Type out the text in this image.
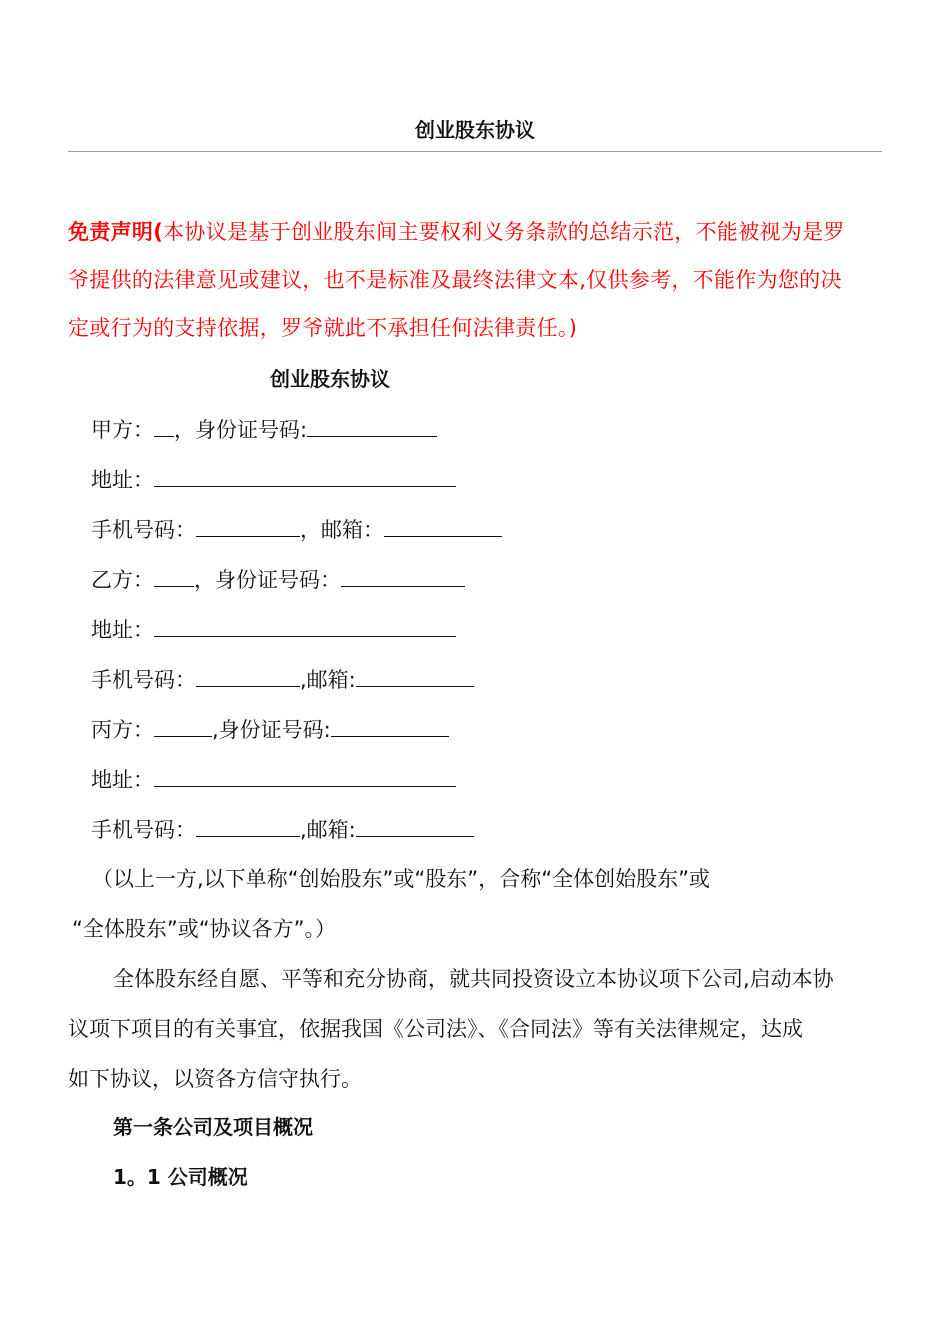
创业股东协议
免责声明(本协议是基于创业股东间主要权利义务条款的总结示范，不能被视为是罗
爷提供的法律意见或建议，也不是标准及最终法律文本,仅供参考，不能作为您的决
定或行为的支持依据，罗爷就此不承担任何法律责任。)
创业股东协议
甲方： ，身份证号码:
地址：
手机号码：	，邮箱：
乙方： ，身份证号码：
地址：
手机号码：	,邮箱:
丙方：	,身份证号码:
地址：
手机号码：	,邮箱:
（以上一方,以下单称“创始股东”或“股东”，合称“全体创始股东”或
“全体股东”或“协议各方”。）
全体股东经自愿、平等和充分协商，就共同投资设立本协议项下公司,启动本协
议项下项目的有关事宜，依据我国《公司法》、《合同法》等有关法律规定，达成
如下协议，以资各方信守执行。
第一条公司及项目概况
1。1 公司概况
